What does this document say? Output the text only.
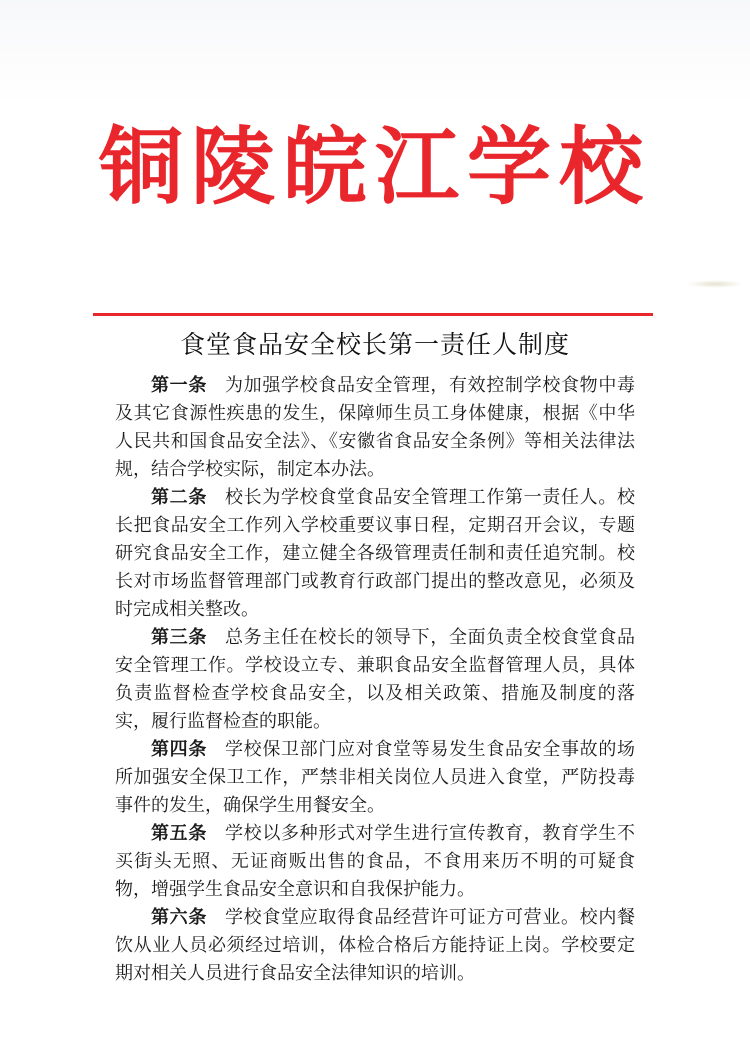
铜陵皖江学校
食堂食品安全校长第一责任人制度

第一条 为加强学校食品安全管理，有效控制学校食物中毒及其它食源性疾患的发生，保障师生员工身体健康，根据《中华人民共和国食品安全法》、《安徽省食品安全条例》等相关法律法规，结合学校实际，制定本办法。

第二条 校长为学校食堂食品安全管理工作第一责任人。校长把食品安全工作列入学校重要议事日程，定期召开会议，专题研究食品安全工作，建立健全各级管理责任制和责任追究制。校长对市场监督管理部门或教育行政部门提出的整改意见，必须及时完成相关整改。

第三条 总务主任在校长的领导下，全面负责全校食堂食品安全管理工作。学校设立专、兼职食品安全监督管理人员，具体负责监督检查学校食品安全，以及相关政策、措施及制度的落实，履行监督检查的职能。

第四条 学校保卫部门应对食堂等易发生食品安全事故的场所加强安全保卫工作，严禁非相关岗位人员进入食堂，严防投毒事件的发生，确保学生用餐安全。

第五条 学校以多种形式对学生进行宣传教育，教育学生不买街头无照、无证商贩出售的食品，不食用来历不明的可疑食物，增强学生食品安全意识和自我保护能力。

第六条 学校食堂应取得食品经营许可证方可营业。校内餐饮从业人员必须经过培训，体检合格后方能持证上岗。学校要定期对相关人员进行食品安全法律知识的培训。
